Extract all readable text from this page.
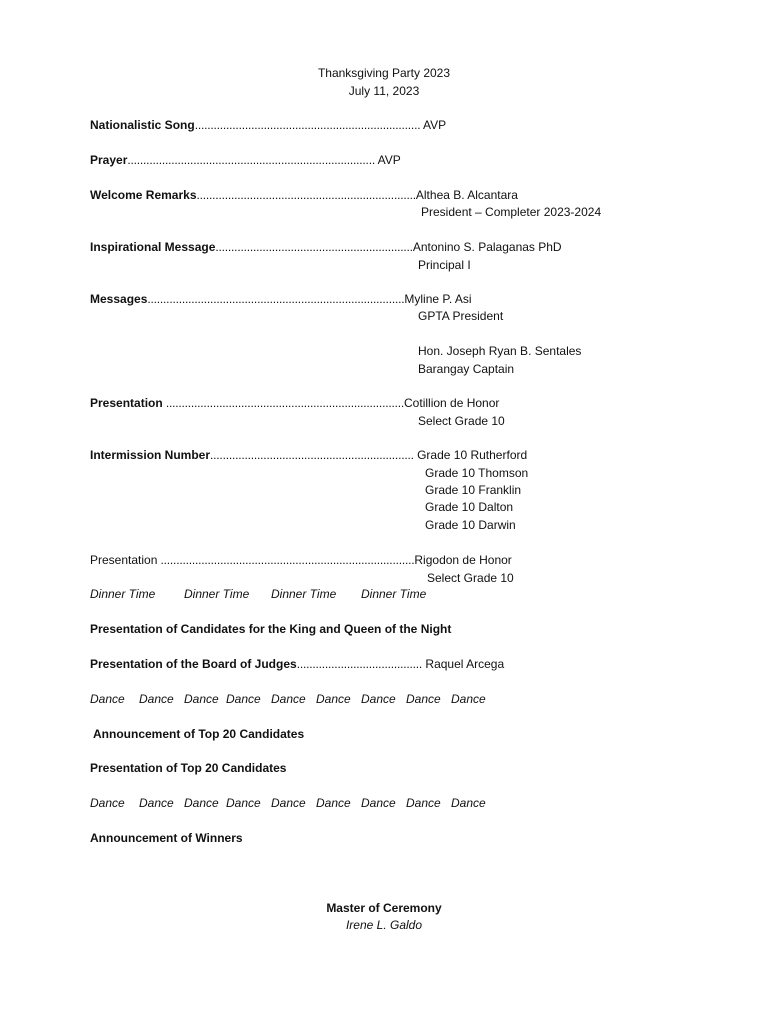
Thanksgiving Party 2023
July 11, 2023
Nationalistic Song........................................................................ AVP
Prayer............................................................................... AVP
Welcome Remarks......................................................................Althea B. Alcantara
President – Completer 2023-2024
Inspirational Message...............................................................Antonino S. Palaganas PhD
Principal I
Messages..................................................................................Myline P. Asi
GPTA President
Hon. Joseph Ryan B. Sentales
Barangay Captain
Presentation ............................................................................Cotillion de Honor
Select Grade 10
Intermission Number................................................................. Grade 10 Rutherford
Grade 10 Thomson
Grade 10 Franklin
Grade 10 Dalton
Grade 10 Darwin
Presentation .................................................................................Rigodon de Honor
Select Grade 10
Dinner Time Dinner Time Dinner Time Dinner Time
Presentation of Candidates for the King and Queen of the Night
Presentation of the Board of Judges........................................ Raquel Arcega
Dance Dance Dance Dance Dance Dance Dance Dance Dance
Announcement of Top 20 Candidates
Presentation of Top 20 Candidates
Dance Dance Dance Dance Dance Dance Dance Dance Dance
Announcement of Winners
Master of Ceremony
Irene L. Galdo
